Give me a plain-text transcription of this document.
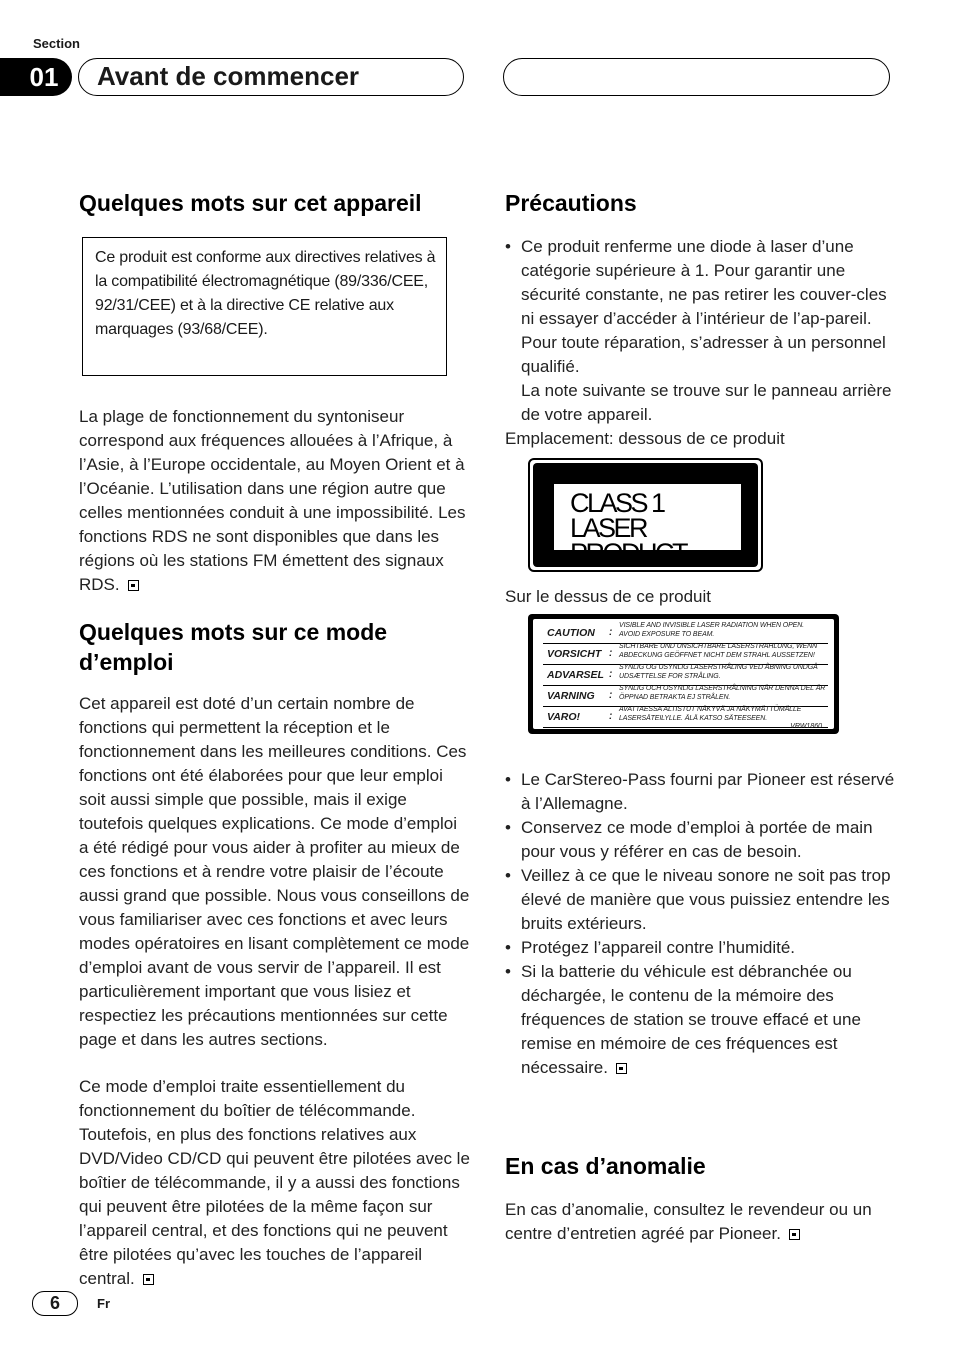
Section
01	Avant de commencer
Quelques mots sur cet appareil
Ce produit est conforme aux directives relatives à la compatibilité électromagnétique (89/336/CEE, 92/31/CEE) et à la directive CE relative aux marquages (93/68/CEE).

La plage de fonctionnement du syntoniseur correspond aux fréquences allouées à l’Afrique, à l’Asie, à l’Europe occidentale, au Moyen Orient et à l’Océanie. L’utilisation dans une région autre que celles mentionnées conduit à une impossibilité. Les fonctions RDS ne sont disponibles que dans les régions où les stations FM émettent des signaux RDS.

Quelques mots sur ce mode d’emploi

Cet appareil est doté d’un certain nombre de fonctions qui permettent la réception et le fonctionnement dans les meilleures conditions. Ces fonctions ont été élaborées pour que leur emploi soit aussi simple que possible, mais il exige toutefois quelques explications. Ce mode d’emploi a été rédigé pour vous aider à profiter au mieux de ces fonctions et à rendre votre plaisir de l’écoute aussi grand que possible. Nous vous conseillons de vous familiariser avec ces fonctions et avec leurs modes opératoires en lisant complètement ce mode d’emploi avant de vous servir de l’appareil. Il est particulièrement important que vous lisiez et respectiez les précautions mentionnées sur cette page et dans les autres sections.

Ce mode d’emploi traite essentiellement du fonctionnement du boîtier de télécommande. Toutefois, en plus des fonctions relatives aux DVD/Video CD/CD qui peuvent être pilotées avec le boîtier de télécommande, il y a aussi des fonctions qui peuvent être pilotées de la même façon sur l’appareil central, et des fonctions qui ne peuvent être pilotées qu’avec les touches de l’appareil central.

Précautions
• Ce produit renferme une diode à laser d’une catégorie supérieure à 1. Pour garantir une sécurité constante, ne pas retirer les couver-cles ni essayer d’accéder à l’intérieur de l’ap-pareil. Pour toute réparation, s’adresser à un personnel qualifié.
La note suivante se trouve sur le panneau arrière de votre appareil.

Emplacement: dessous de ce produit

CLASS 1
LASER PRODUCT

Sur le dessus de ce produit

CAUTION	:
VISIBLE AND INVISIBLE LASER RADIATION WHEN OPEN.
AVOID EXPOSURE TO BEAM.
VORSICHT :
SICHTBARE UND UNSICHTBARE LASERSTRAHLUNG, WENN
ABDECKUNG GEÖFFNET NICHT DEM STRAHL AUSSETZEN!
ADVARSEL :
SYNLIG OG USYNLIG LASERSTRÅLING VED ÅBNING UNDGÅ
UDSÆTTELSE FOR STRÅLING.
VARNING	:
SYNLIG OCH OSYNLIG LASERSTRÅLNING NÄR DENNA DEL ÄR
ÖPPNAD BETRAKTA EJ STRÅLEN.
VARO!	:
AVATTAESSA ALTISTUT NÄKYVÄ JA NÄKYMÄTTÖMÄLLE
LASERSÄTEILYLLE. ÄLÄ KATSO SÄTEESEEN.
VRW1860
• Le CarStereo-Pass fourni par Pioneer est réservé à l’Allemagne.
• Conservez ce mode d’emploi à portée de main pour vous y référer en cas de besoin.
• Veillez à ce que le niveau sonore ne soit pas trop élevé de manière que vous puissiez entendre les bruits extérieurs.
• Protégez l’appareil contre l’humidité.
• Si la batterie du véhicule est débranchée ou déchargée, le contenu de la mémoire des fréquences de station se trouve effacé et une remise en mémoire de ces fréquences est nécessaire.
En cas d’anomalie

En cas d’anomalie, consultez le revendeur ou un centre d’entretien agréé par Pioneer.

6	Fr
